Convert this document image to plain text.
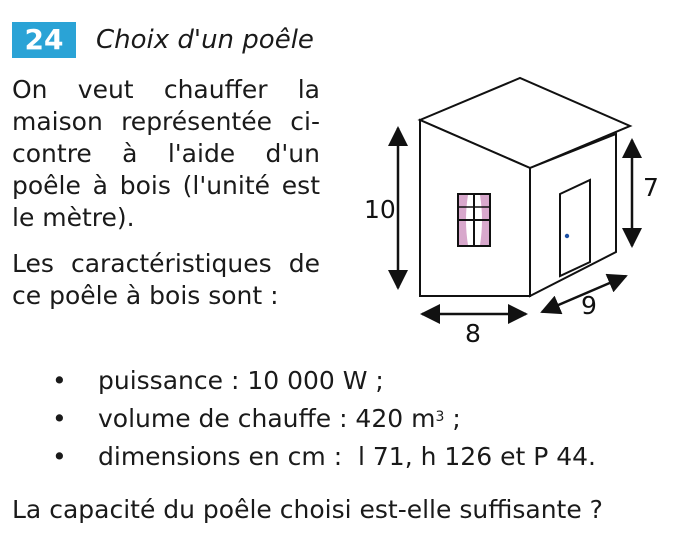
24	Choix d'un poêle

On veut chauffer la maison représentée ci-contre à l'aide d'un poêle à bois (l'unité est le mètre).

Les caractéristiques de ce poêle à bois sont :

10
7
8
9
• puissance : 10 000 W ;
• volume de chauffe : 420 $m^3$ ;
• dimensions en cm :  l 71, h 126 et P 44.
La capacité du poêle choisi est-elle suffisante ?
